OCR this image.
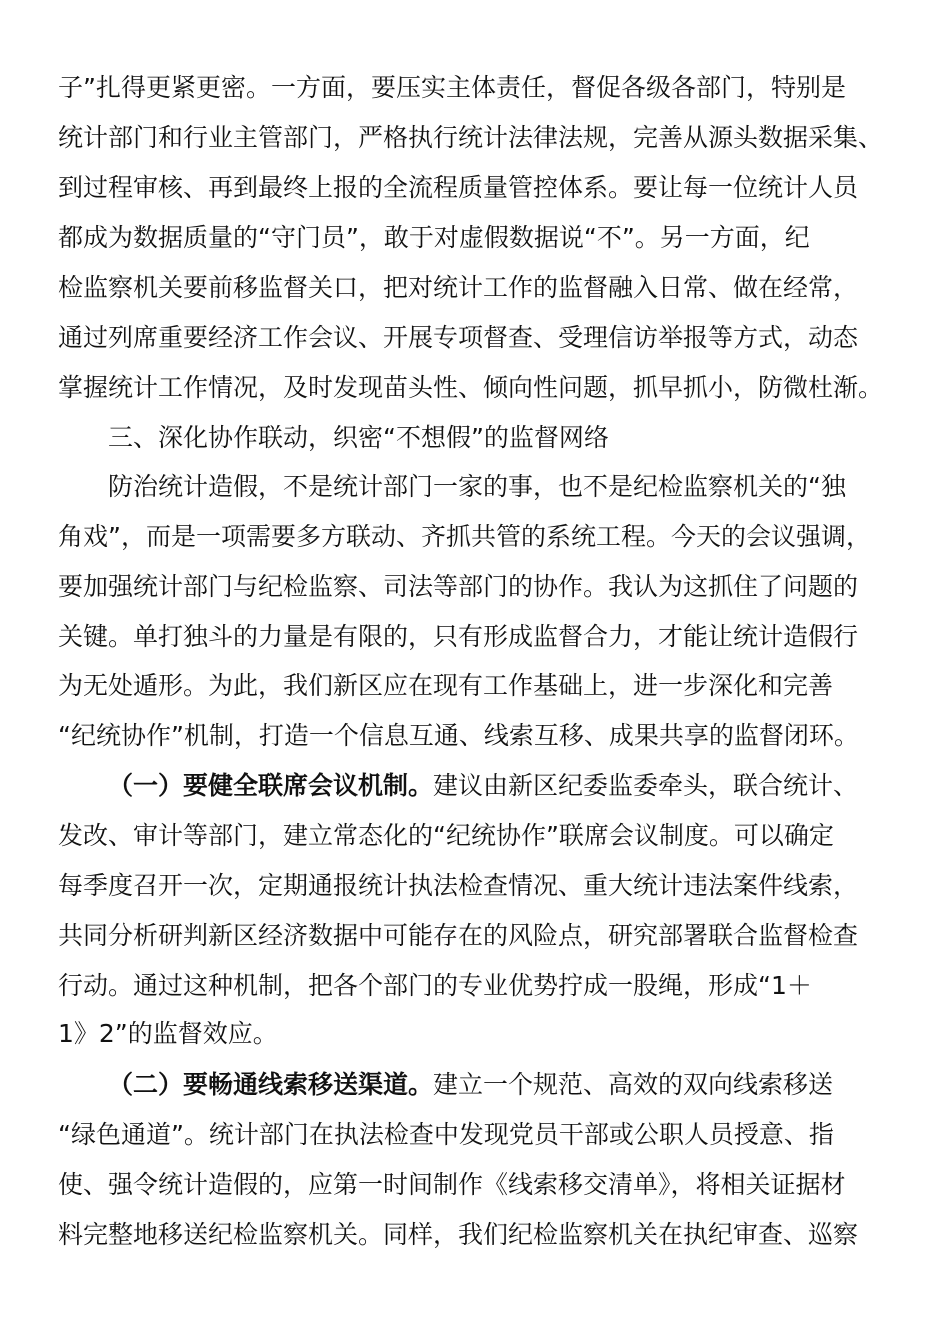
子”扎得更紧更密。一方面，要压实主体责任，督促各级各部门，特别是
统计部门和行业主管部门，严格执行统计法律法规，完善从源头数据采集、
到过程审核、再到最终上报的全流程质量管控体系。要让每一位统计人员
都成为数据质量的“守门员”，敢于对虚假数据说“不”。另一方面，纪
检监察机关要前移监督关口，把对统计工作的监督融入日常、做在经常，
通过列席重要经济工作会议、开展专项督查、受理信访举报等方式，动态
掌握统计工作情况，及时发现苗头性、倾向性问题，抓早抓小，防微杜渐。
三、深化协作联动，织密“不想假”的监督网络
防治统计造假，不是统计部门一家的事，也不是纪检监察机关的“独
角戏”，而是一项需要多方联动、齐抓共管的系统工程。今天的会议强调，
要加强统计部门与纪检监察、司法等部门的协作。我认为这抓住了问题的
关键。单打独斗的力量是有限的，只有形成监督合力，才能让统计造假行
为无处遁形。为此，我们新区应在现有工作基础上，进一步深化和完善
“纪统协作”机制，打造一个信息互通、线索互移、成果共享的监督闭环。
（一）要健全联席会议机制。建议由新区纪委监委牵头，联合统计、
发改、审计等部门，建立常态化的“纪统协作”联席会议制度。可以确定
每季度召开一次，定期通报统计执法检查情况、重大统计违法案件线索，
共同分析研判新区经济数据中可能存在的风险点，研究部署联合监督检查
行动。通过这种机制，把各个部门的专业优势拧成一股绳，形成“1＋
1》2”的监督效应。
（二）要畅通线索移送渠道。建立一个规范、高效的双向线索移送
“绿色通道”。统计部门在执法检查中发现党员干部或公职人员授意、指
使、强令统计造假的，应第一时间制作《线索移交清单》，将相关证据材
料完整地移送纪检监察机关。同样，我们纪检监察机关在执纪审查、巡察
